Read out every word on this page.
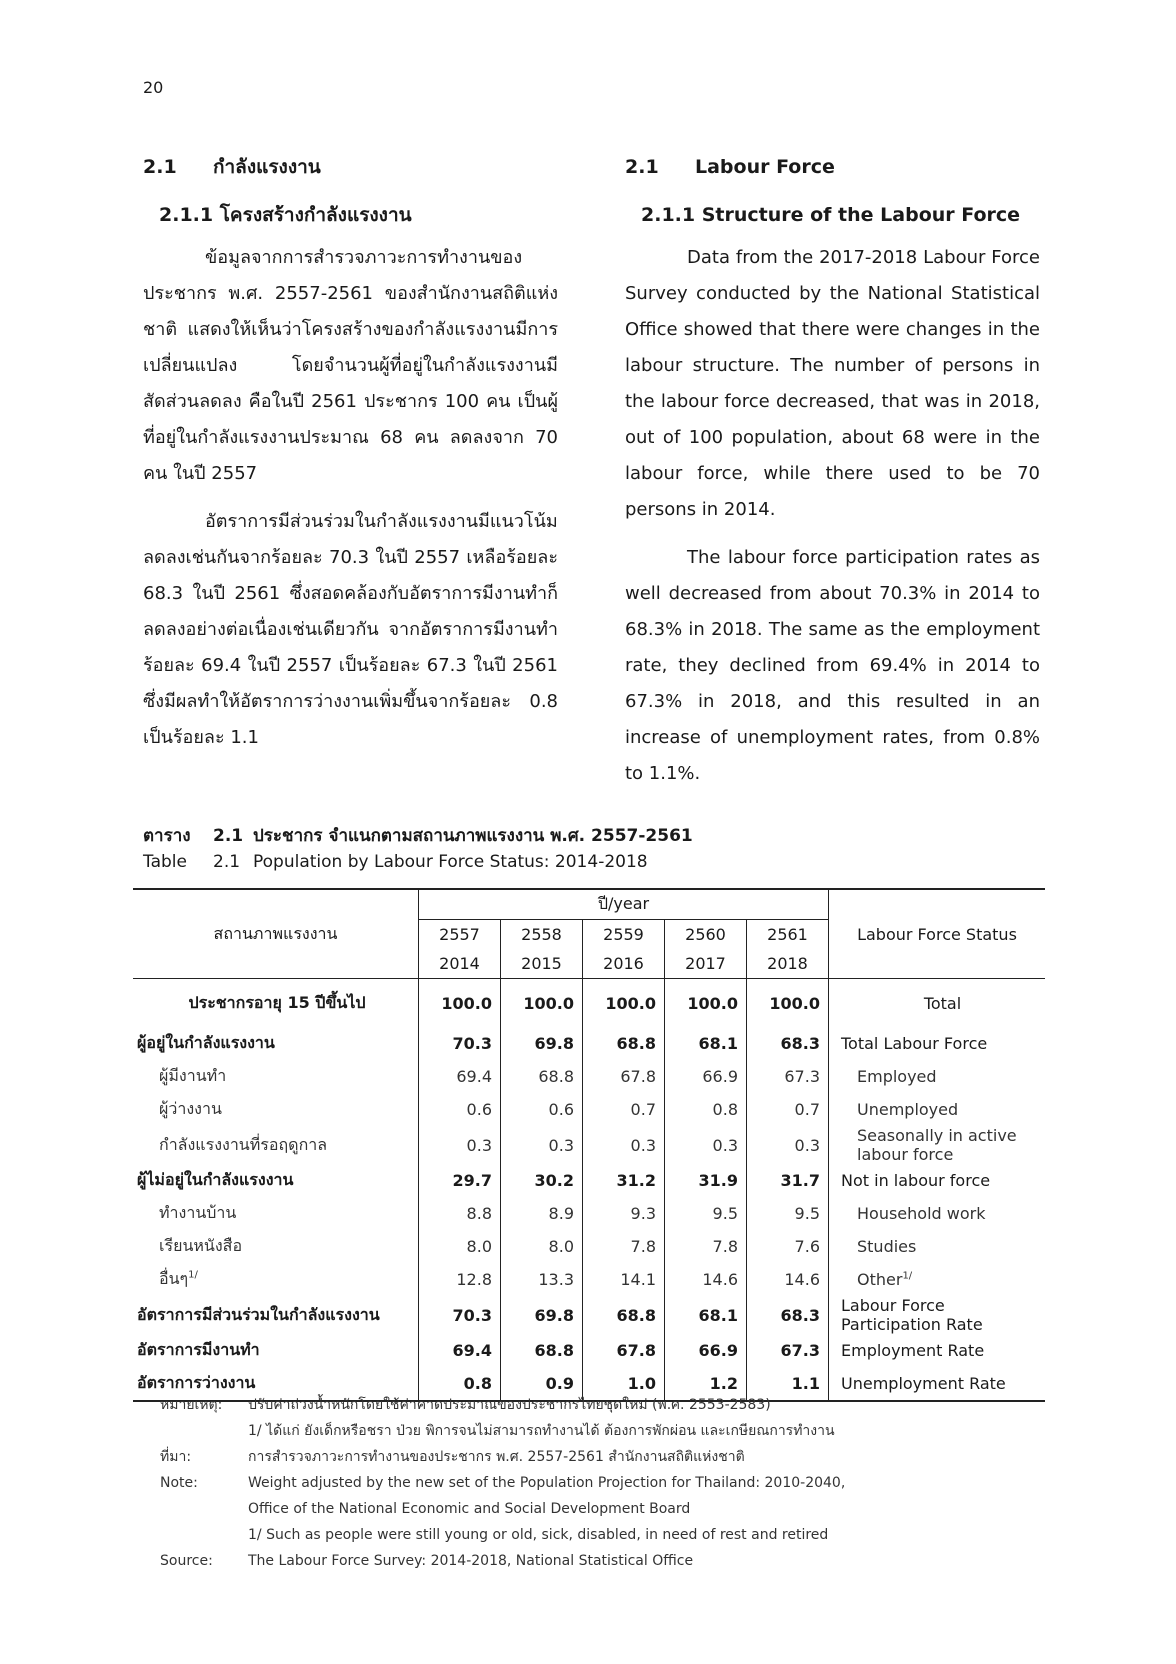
20
2.1 กำลังแรงงาน
2.1.1 โครงสร้างกำลังแรงงาน

ข้อมูลจากการสำรวจภาวะการทำงานของประชากร พ.ศ. 2557-2561 ของสำนักงานสถิติแห่งชาติ แสดงให้เห็นว่าโครงสร้างของกำลังแรงงานมีการเปลี่ยนแปลง โดยจำนวนผู้ที่อยู่ในกำลังแรงงานมีสัดส่วนลดลง คือในปี 2561 ประชากร 100 คน เป็นผู้ที่อยู่ในกำลังแรงงานประมาณ 68 คน ลดลงจาก 70 คน ในปี 2557

อัตราการมีส่วนร่วมในกำลังแรงงานมีแนวโน้มลดลงเช่นกันจากร้อยละ 70.3 ในปี 2557 เหลือร้อยละ 68.3 ในปี 2561 ซึ่งสอดคล้องกับอัตราการมีงานทำก็ลดลงอย่างต่อเนื่องเช่นเดียวกัน จากอัตราการมีงานทำร้อยละ 69.4 ในปี 2557 เป็นร้อยละ 67.3 ในปี 2561 ซึ่งมีผลทำให้อัตราการว่างงานเพิ่มขึ้นจากร้อยละ 0.8 เป็นร้อยละ 1.1

2.1 Labour Force
2.1.1 Structure of the Labour Force

Data from the 2017-2018 Labour Force Survey conducted by the National Statistical Office showed that there were changes in the labour structure. The number of persons in the labour force decreased, that was in 2018, out of 100 population, about 68 were in the labour force, while there used to be 70 persons in 2014.

The labour force participation rates as well decreased from about 70.3% in 2014 to 68.3% in 2018. The same as the employment rate, they declined from 69.4% in 2014 to 67.3% in 2018, and this resulted in an increase of unemployment rates, from 0.8% to 1.1%.

ตาราง 2.1 ประชากร จำแนกตามสถานภาพแรงงาน พ.ศ. 2557-2561
Table 2.1 Population by Labour Force Status: 2014-2018
สถานภาพแรงงาน	ปี/year					Labour Force Status
	2557	2558	2559	2560	2561	
	2014	2015	2016	2017	2018	
ประชากรอายุ 15 ปีขึ้นไป	100.0	100.0	100.0	100.0	100.0	Total
ผู้อยู่ในกำลังแรงงาน	70.3	69.8	68.8	68.1	68.3	Total Labour Force
ผู้มีงานทำ	69.4	68.8	67.8	66.9	67.3	Employed
ผู้ว่างงาน	0.6	0.6	0.7	0.8	0.7	Unemployed
กำลังแรงงานที่รอฤดูกาล	0.3	0.3	0.3	0.3	0.3	Seasonally in active labour force
ผู้ไม่อยู่ในกำลังแรงงาน	29.7	30.2	31.2	31.9	31.7	Not in labour force
ทำงานบ้าน	8.8	8.9	9.3	9.5	9.5	Household work
เรียนหนังสือ	8.0	8.0	7.8	7.8	7.6	Studies
อื่นๆ$^{1/}$	12.8	13.3	14.1	14.6	14.6	Other$^{1/}$
อัตราการมีส่วนร่วมในกำลังแรงงาน	70.3	69.8	68.8	68.1	68.3	Labour Force Participation Rate
อัตราการมีงานทำ	69.4	68.8	67.8	66.9	67.3	Employment Rate
อัตราการว่างงาน	0.8	0.9	1.0	1.2	1.1	Unemployment Rate
หมายเหตุ:	ปรับค่าถ่วงน้ำหนักโดยใช้ค่าคาดประมาณของประชากรไทยชุดใหม่ (พ.ศ. 2553-2583)
1/ ได้แก่ ยังเด็กหรือชรา ป่วย พิการจนไม่สามารถทำงานได้ ต้องการพักผ่อน และเกษียณการทำงาน
ที่มา:	การสำรวจภาวะการทำงานของประชากร พ.ศ. 2557-2561 สำนักงานสถิติแห่งชาติ
Note:	Weight adjusted by the new set of the Population Projection for Thailand: 2010-2040,
Office of the National Economic and Social Development Board
1/ Such as people were still young or old, sick, disabled, in need of rest and retired
Source:	The Labour Force Survey: 2014-2018, National Statistical Office
